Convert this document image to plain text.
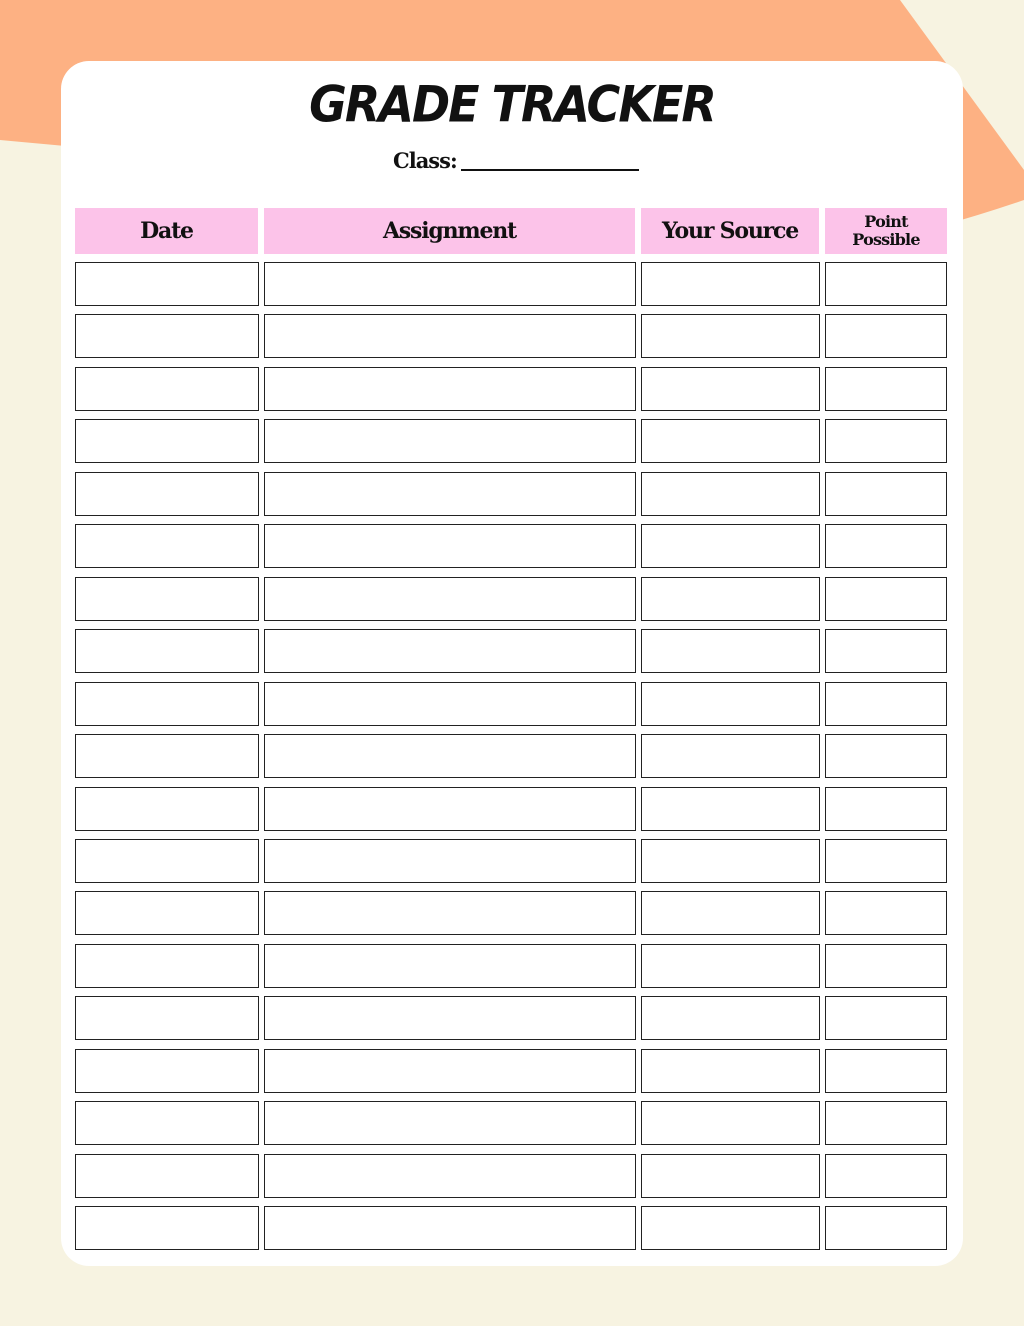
GRADE TRACKER
Class:
Date	Assignment	Your Source	Point Possible
